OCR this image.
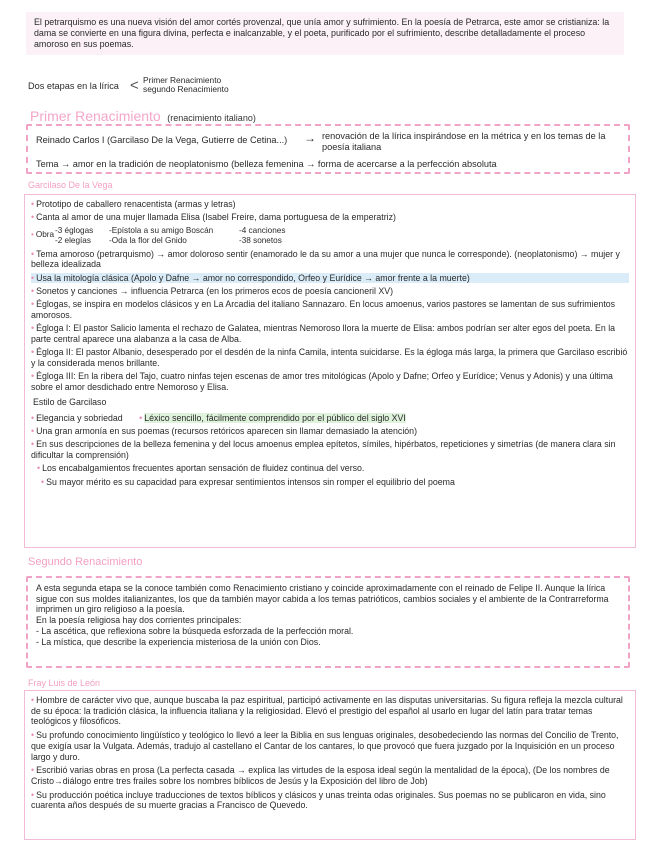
El petrarquismo es una nueva visión del amor cortés provenzal, que unía amor y sufrimiento. En la poesía de Petrarca, este amor se cristianiza: la dama se convierte en una figura divina, perfecta e inalcanzable, y el poeta, purificado por el sufrimiento, describe detalladamente el proceso amoroso en sus poemas.

Dos etapas en la lírica < Primer Renacimiento
segundo Renacimiento
Primer Renacimiento (renacimiento italiano)
Reinado Carlos I (Garcilaso De la Vega, Gutierre de Cetina...)	→ renovación de la lírica inspirándose en la métrica y en los temas de la poesía italiana

Tema → amor en la tradición de neoplatonismo (belleza femenina → forma de acercarse a la perfección absoluta

Garcilaso De la Vega

• Prototipo de caballero renacentista (armas y letras)

• Canta al amor de una mujer llamada Elisa (Isabel Freire, dama portuguesa de la emperatriz)

• Obra -3 églogas
-2 elegías
-Epístola a su amigo Boscán
-Oda la flor del Gnido
-4 canciones
-38 sonetos

• Tema amoroso (petrarquismo) → amor doloroso sentir (enamorado le da su amor a una mujer que nunca le corresponde). (neoplatonismo) → mujer y belleza idealizada

• Usa la mitología clásica (Apolo y Dafne → amor no correspondido, Orfeo y Eurídice → amor frente a la muerte)

• Sonetos y canciones → influencia Petrarca (en los primeros ecos de poesía cancioneril XV)

• Églogas, se inspira en modelos clásicos y en La Arcadia del italiano Sannazaro. En locus amoenus, varios pastores se lamentan de sus sufrimientos amorosos.

• Égloga I: El pastor Salicio lamenta el rechazo de Galatea, mientras Nemoroso llora la muerte de Elisa: ambos podrían ser alter egos del poeta. En la parte central aparece una alabanza a la casa de Alba.

• Égloga II: El pastor Albanio, desesperado por el desdén de la ninfa Camila, intenta suicidarse. Es la égloga más larga, la primera que Garcilaso escribió y la considerada menos brillante.

• Égloga III: En la ribera del Tajo, cuatro ninfas tejen escenas de amor tres mitológicas (Apolo y Dafne; Orfeo y Eurídice; Venus y Adonis) y una última sobre el amor desdichado entre Nemoroso y Elisa.

Estilo de Garcilaso

• Elegancia y sobriedad • Léxico sencillo, fácilmente comprendido por el público del siglo XVI

• Una gran armonía en sus poemas (recursos retóricos aparecen sin llamar demasiado la atención)

• En sus descripciones de la belleza femenina y del locus amoenus emplea epítetos, símiles, hipérbatos, repeticiones y simetrías (de manera clara sin dificultar la comprensión)

• Los encabalgamientos frecuentes aportan sensación de fluidez continua del verso.

• Su mayor mérito es su capacidad para expresar sentimientos intensos sin romper el equilibrio del poema

Segundo Renacimiento

A esta segunda etapa se la conoce también como Renacimiento cristiano y coincide aproximadamente con el reinado de Felipe II. Aunque la lírica sigue con sus moldes italianizantes, los que da también mayor cabida a los temas patrióticos, cambios sociales y el ambiente de la Contrarreforma imprimen un giro religioso a la poesía.

En la poesía religiosa hay dos corrientes principales:

- La ascética, que reflexiona sobre la búsqueda esforzada de la perfección moral.

- La mística, que describe la experiencia misteriosa de la unión con Dios.

Fray Luis de León

• Hombre de carácter vivo que, aunque buscaba la paz espiritual, participó activamente en las disputas universitarias. Su figura refleja la mezcla cultural de su época: la tradición clásica, la influencia italiana y la religiosidad. Elevó el prestigio del español al usarlo en lugar del latín para tratar temas teológicos y filosóficos.

• Su profundo conocimiento lingüístico y teológico lo llevó a leer la Biblia en sus lenguas originales, desobedeciendo las normas del Concilio de Trento, que exigía usar la Vulgata. Además, tradujo al castellano el Cantar de los cantares, lo que provocó que fuera juzgado por la Inquisición en un proceso largo y duro.

• Escribió varias obras en prosa (La perfecta casada → explica las virtudes de la esposa ideal según la mentalidad de la época), (De los nombres de Cristo→diálogo entre tres frailes sobre los nombres bíblicos de Jesús y la Exposición del libro de Job)

• Su producción poética incluye traducciones de textos bíblicos y clásicos y unas treinta odas originales. Sus poemas no se publicaron en vida, sino cuarenta años después de su muerte gracias a Francisco de Quevedo.
